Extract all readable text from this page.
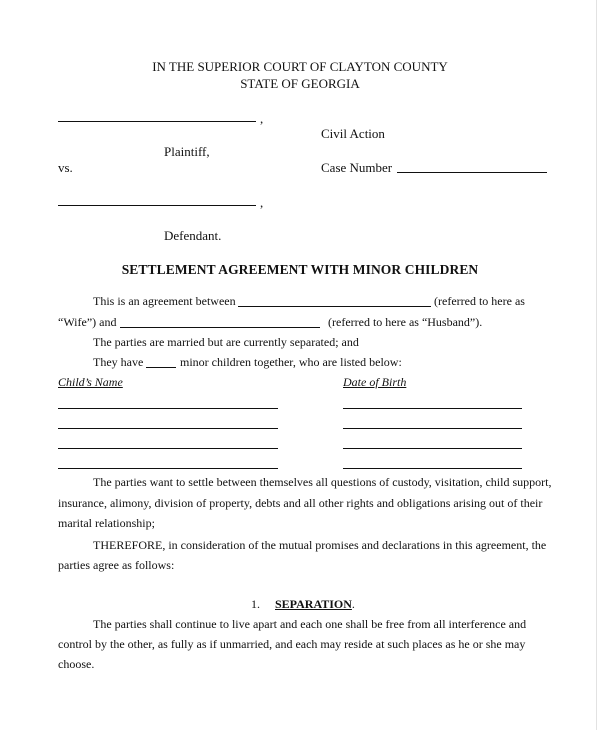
IN THE SUPERIOR COURT OF CLAYTON COUNTY
STATE OF GEORGIA
,
Civil Action
Plaintiff,
vs.	Case Number
,
Defendant.
SETTLEMENT AGREEMENT WITH MINOR CHILDREN
This is an agreement between	(referred to here as
“Wife”) and	(referred to here as “Husband”).
The parties are married but are currently separated; and
They have	minor children together, who are listed below:
Child’s Name	Date of Birth
The parties want to settle between themselves all questions of custody, visitation, child support,
insurance, alimony, division of property, debts and all other rights and obligations arising out of their
marital relationship;
THEREFORE, in consideration of the mutual promises and declarations in this agreement, the
parties agree as follows:
1. SEPARATION.
The parties shall continue to live apart and each one shall be free from all interference and
control by the other, as fully as if unmarried, and each may reside at such places as he or she may
choose.
